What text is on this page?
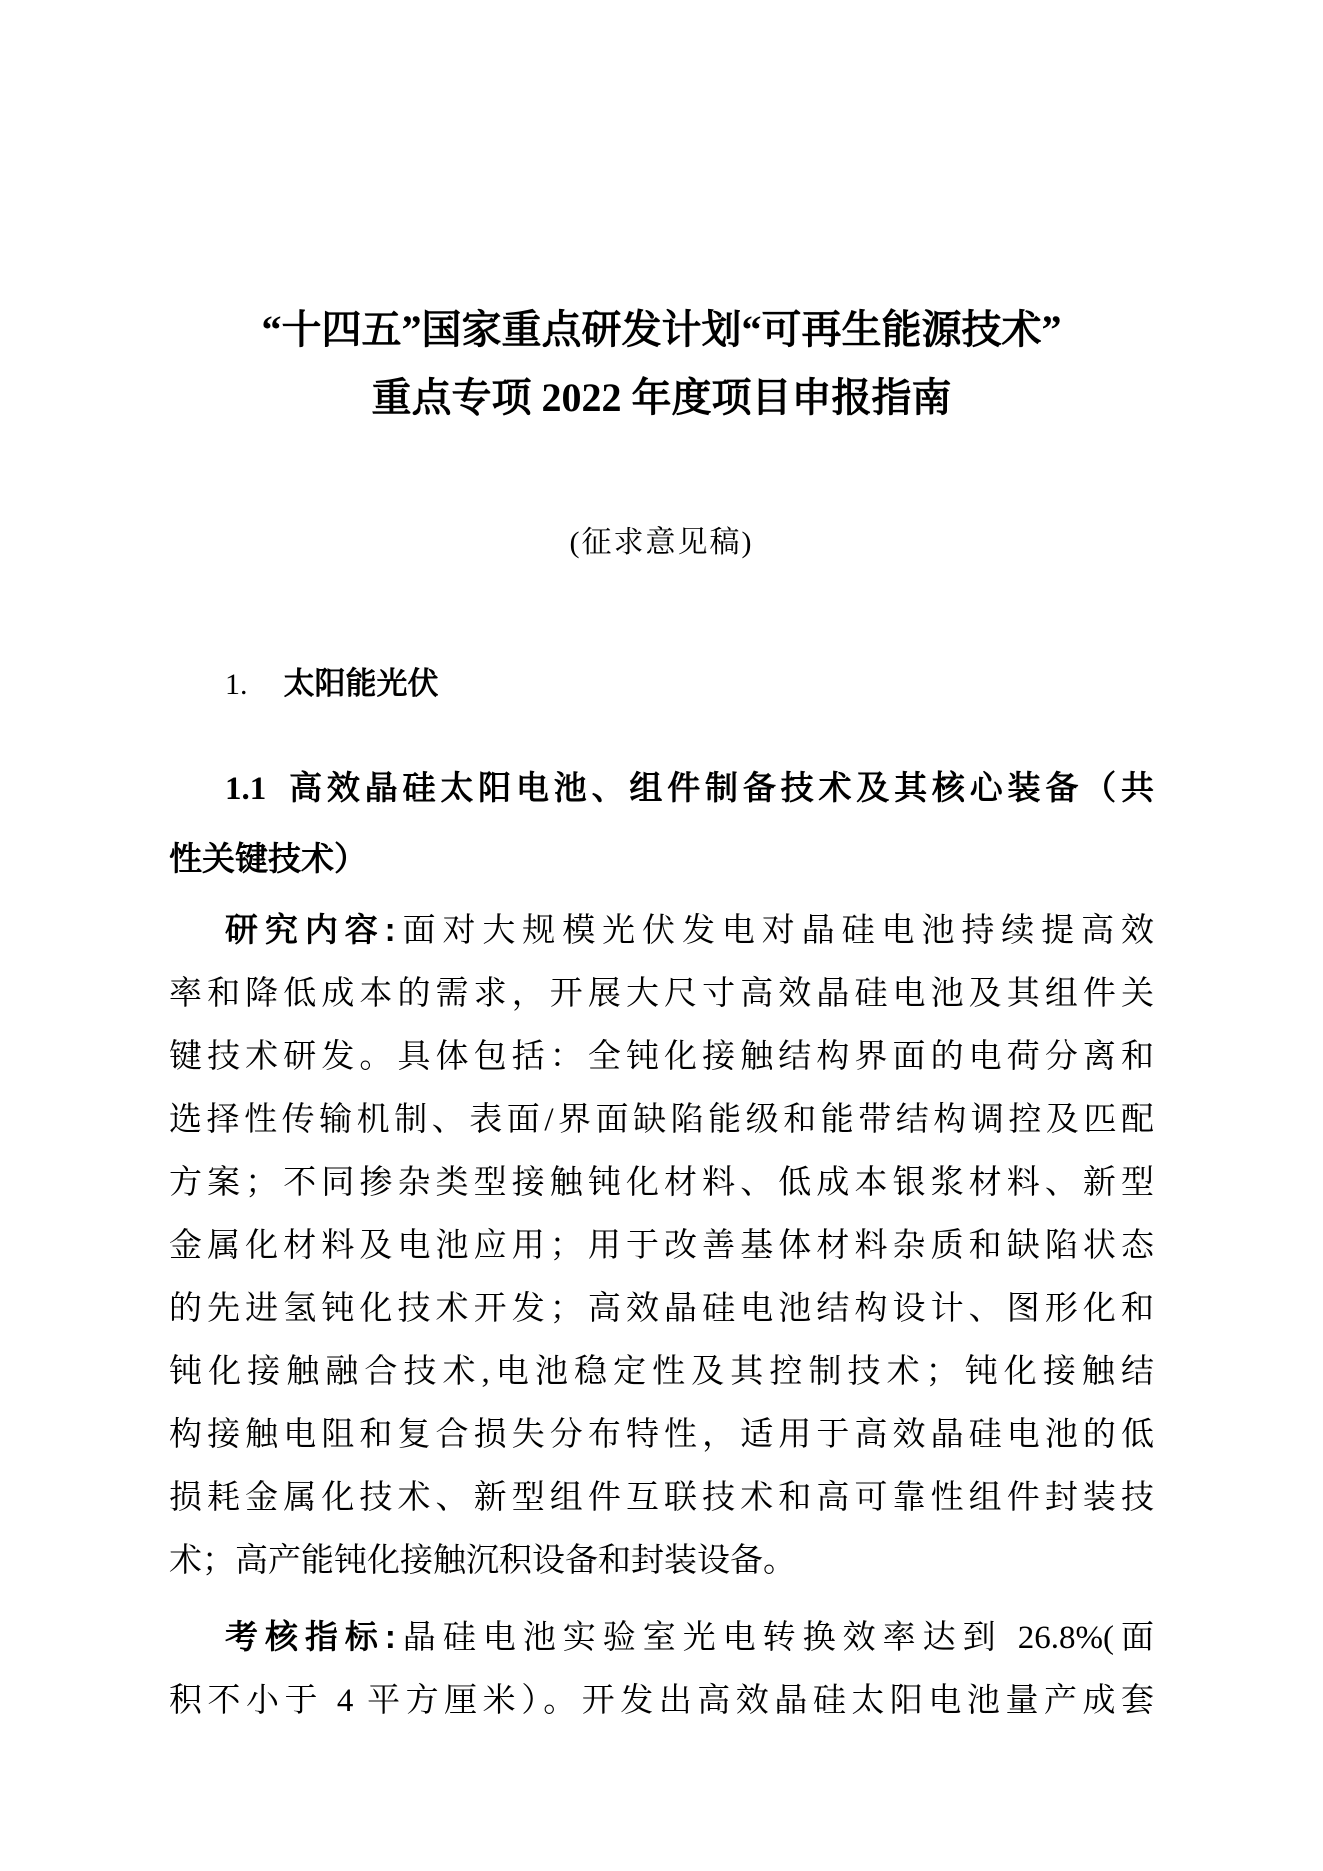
“十四五”国家重点研发计划“可再生能源技术”
重点专项 2022 年度项目申报指南
(征求意见稿)
1. 太阳能光伏
1.1 高效晶硅太阳电池、组件制备技术及其核心装备（共
性关键技术）
研究内容:面对大规模光伏发电对晶硅电池持续提高效
率和降低成本的需求，开展大尺寸高效晶硅电池及其组件关
键技术研发。具体包括：全钝化接触结构界面的电荷分离和
选择性传输机制、表面/界面缺陷能级和能带结构调控及匹配
方案；不同掺杂类型接触钝化材料、低成本银浆材料、新型
金属化材料及电池应用；用于改善基体材料杂质和缺陷状态
的先进氢钝化技术开发；高效晶硅电池结构设计、图形化和
钝化接触融合技术,电池稳定性及其控制技术；钝化接触结
构接触电阻和复合损失分布特性，适用于高效晶硅电池的低
损耗金属化技术、新型组件互联技术和高可靠性组件封装技
术；高产能钝化接触沉积设备和封装设备。
考核指标:晶硅电池实验室光电转换效率达到 26.8%(面
积不小于 4 平方厘米）。开发出高效晶硅太阳电池量产成套
